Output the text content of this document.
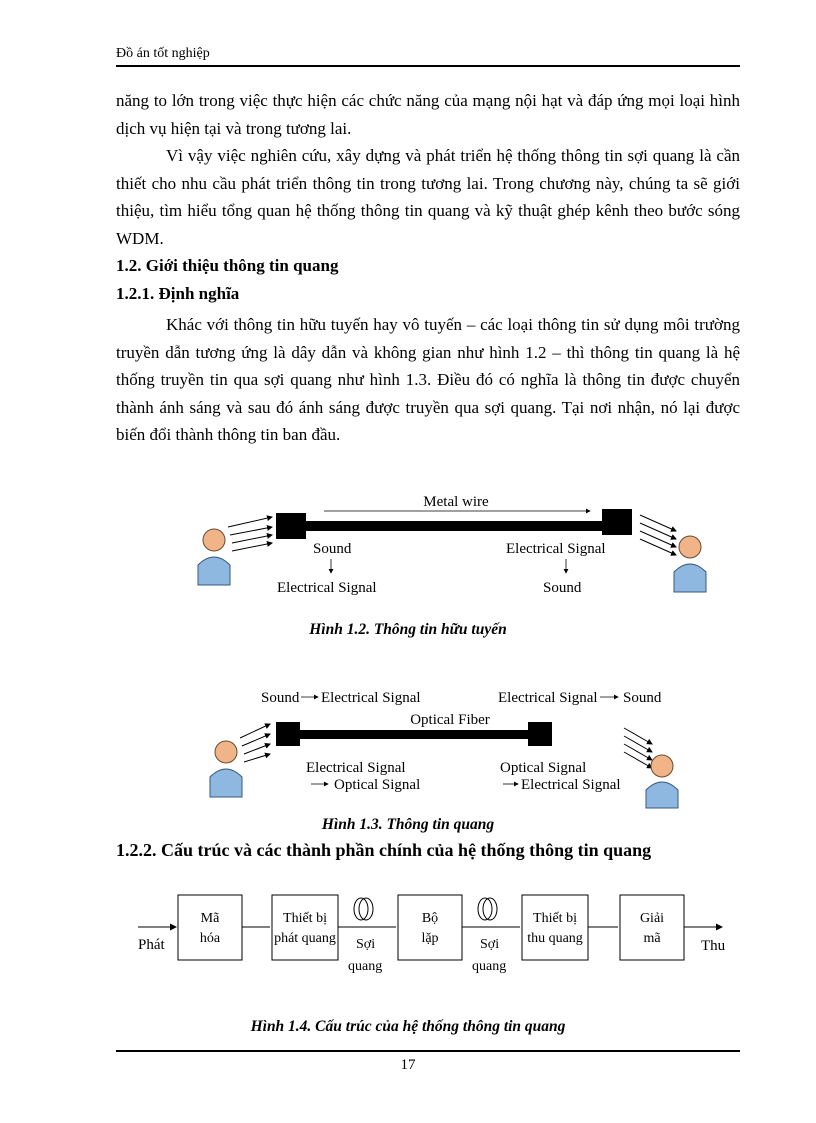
Đồ án tốt nghiệp

năng to lớn trong việc thực hiện các chức năng của mạng nội hạt và đáp ứng mọi loại hình dịch vụ hiện tại và trong tương lai.

Vì vậy việc nghiên cứu, xây dựng và phát triển hệ thống thông tin sợi quang là cần thiết cho nhu cầu phát triển thông tin trong tương lai. Trong chương này, chúng ta sẽ giới thiệu, tìm hiểu tổng quan hệ thống thông tin quang và kỹ thuật ghép kênh theo bước sóng WDM.

1.2. Giới thiệu thông tin quang

1.2.1. Định nghĩa

Khác với thông tin hữu tuyến hay vô tuyến – các loại thông tin sử dụng môi trường truyền dẫn tương ứng là dây dẫn và không gian như hình 1.2 – thì thông tin quang là hệ thống truyền tin qua sợi quang như hình 1.3. Điều đó có nghĩa là thông tin được chuyển thành ánh sáng và sau đó ánh sáng được truyền qua sợi quang. Tại nơi nhận, nó lại được biến đổi thành thông tin ban đầu.

Metal wire
Sound
Electrical Signal
Electrical Signal
Sound
Hình 1.2. Thông tin hữu tuyến
Sound Electrical Signal	Electrical Signal Sound
Optical Fiber
Electrical Signal
Optical Signal
Optical Signal
Electrical Signal
Hình 1.3. Thông tin quang

1.2.2. Cấu trúc và các thành phần chính của hệ thống thông tin quang

Phát
Mã
hóa
Thiết bị
phát quang Sợi
quang
Bộ
lặp	Sợi
quang
Thiết bị
thu quang
Giải
mã	Thu
Hình 1.4. Cấu trúc của hệ thống thông tin quang
17
